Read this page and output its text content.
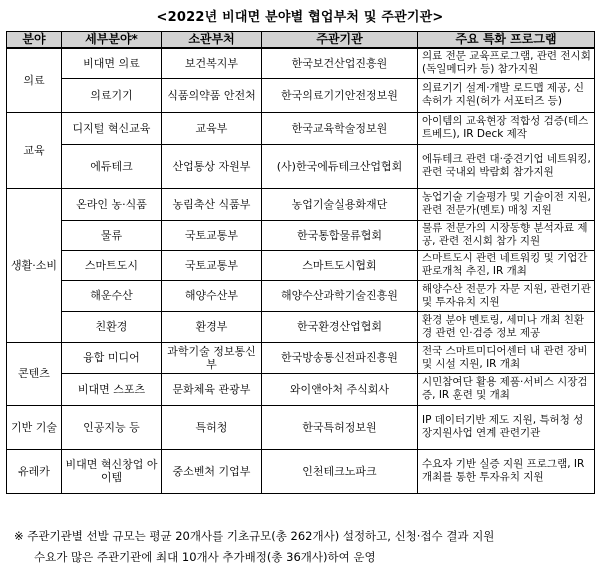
<2022년 비대면 분야별 협업부처 및 주관기관>
분야	세부분야*	소관부처	주관기관	주요 특화 프로그램
의료	비대면 의료	보건복지부	한국보건산업진흥원	의료 전문 교육프로그램, 관련 전시회(독일메디카 등) 참가지원
	의료기기	식품의약품 안전처	한국의료기기안전정보원	의료기기 설계·개발 로드맵 제공, 신속허가 지원(허가 서포터즈 등)
교육	디지털 혁신교육	교육부	한국교육학술정보원	아이템의 교육현장 적합성 검증(테스트베드), IR Deck 제작
	에듀테크	산업통상 자원부	(사)한국에듀테크산업협회	에듀테크 관련 대·중견기업 네트워킹, 관련 국내외 박람회 참가지원
생활·소비	온라인 농·식품	농림축산 식품부	농업기술실용화재단	농업기술 기술평가 및 기술이전 지원, 관련 전문가(멘토) 매칭 지원
	물류	국토교통부	한국통합물류협회	물류 전문가의 시장동향 분석자료 제공, 관련 전시회 참가 지원
	스마트도시	국토교통부	스마트도시협회	스마트도시 관련 네트워킹 및 기업간 판로개척 추진, IR 개최
	해운수산	해양수산부	해양수산과학기술진흥원	해양수산 전문가 자문 지원, 관련기관 및 투자유치 지원
	친환경	환경부	한국환경산업협회	환경 분야 멘토링, 세미나 개최 친환경 관련 인·검증 정보 제공
콘텐츠	융합 미디어	과학기술 정보통신부	한국방송통신전파진흥원	전국 스마트미디어센터 내 관련 장비 및 시설 지원, IR 개최
	비대면 스포츠	문화체육 관광부	와이앤아처 주식회사	시민참여단 활용 제품·서비스 시장검증, IR 훈련 및 개최
기반 기술	인공지능 등	특허청	한국특허정보원	IP 데이터기반 제도 지원, 특허청 성장지원사업 연계 관련기관
유레카	비대면 혁신창업 아이템	중소벤처 기업부	인천테크노파크	수요자 기반 실증 지원 프로그램, IR 개최를 통한 투자유치 지원
※ 주관기관별 선발 규모는 평균 20개사를 기초규모(총 262개사) 설정하고, 신청·접수 결과 지원
수요가 많은 주관기관에 최대 10개사 추가배정(총 36개사)하여 운영
